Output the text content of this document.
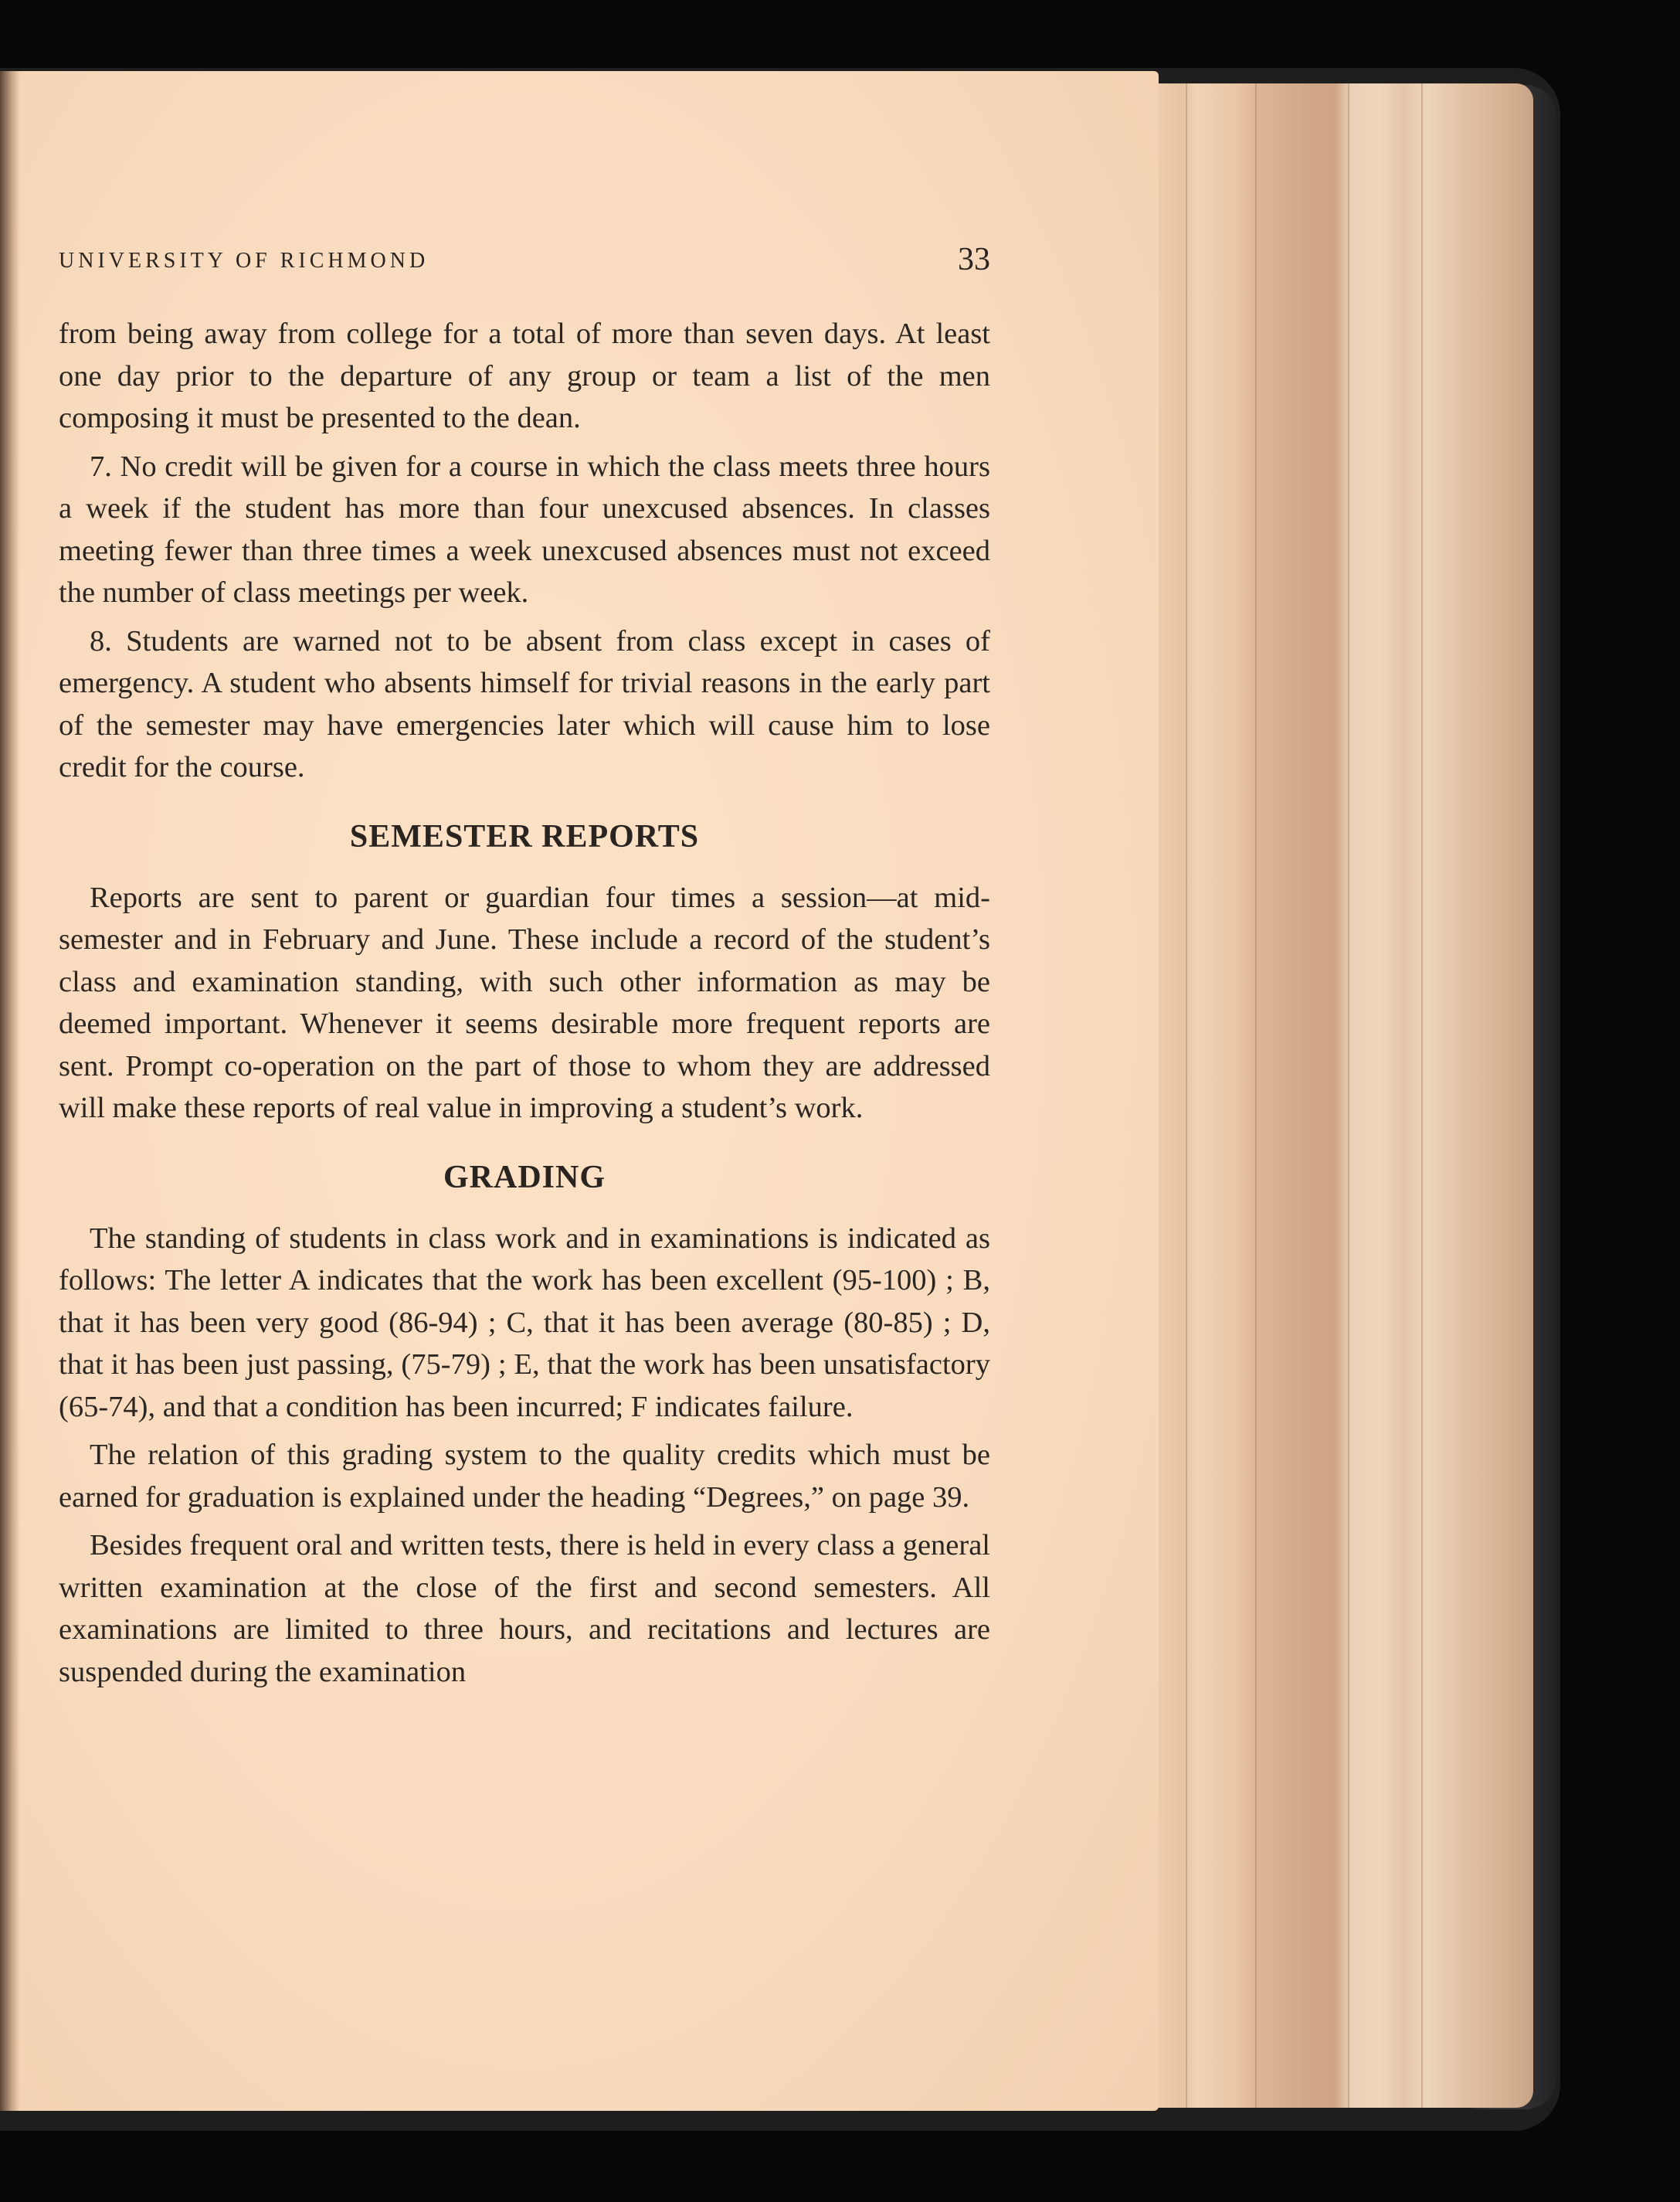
UNIVERSITY OF RICHMOND	33

from being away from college for a total of more than seven days. At least one day prior to the departure of any group or team a list of the men composing it must be presented to the dean.

7. No credit will be given for a course in which the class meets three hours a week if the student has more than four unexcused absences. In classes meeting fewer than three times a week unexcused absences must not exceed the number of class meetings per week.

8. Students are warned not to be absent from class except in cases of emergency. A student who absents himself for trivial reasons in the early part of the semester may have emergencies later which will cause him to lose credit for the course.

SEMESTER REPORTS

Reports are sent to parent or guardian four times a session—at mid-semester and in February and June. These include a record of the student’s class and examination standing, with such other information as may be deemed important. Whenever it seems desirable more frequent reports are sent. Prompt co-operation on the part of those to whom they are addressed will make these reports of real value in improving a student’s work.

GRADING

The standing of students in class work and in examinations is indicated as follows: The letter A indicates that the work has been excellent (95-100) ; B, that it has been very good (86-94) ; C, that it has been average (80-85) ; D, that it has been just passing, (75-79) ; E, that the work has been unsatisfactory (65-74), and that a condition has been incurred; F indicates failure.

The relation of this grading system to the quality credits which must be earned for graduation is explained under the heading “Degrees,” on page 39.

Besides frequent oral and written tests, there is held in every class a general written examination at the close of the first and second semesters. All examinations are limited to three hours, and recitations and lectures are suspended during the examination
